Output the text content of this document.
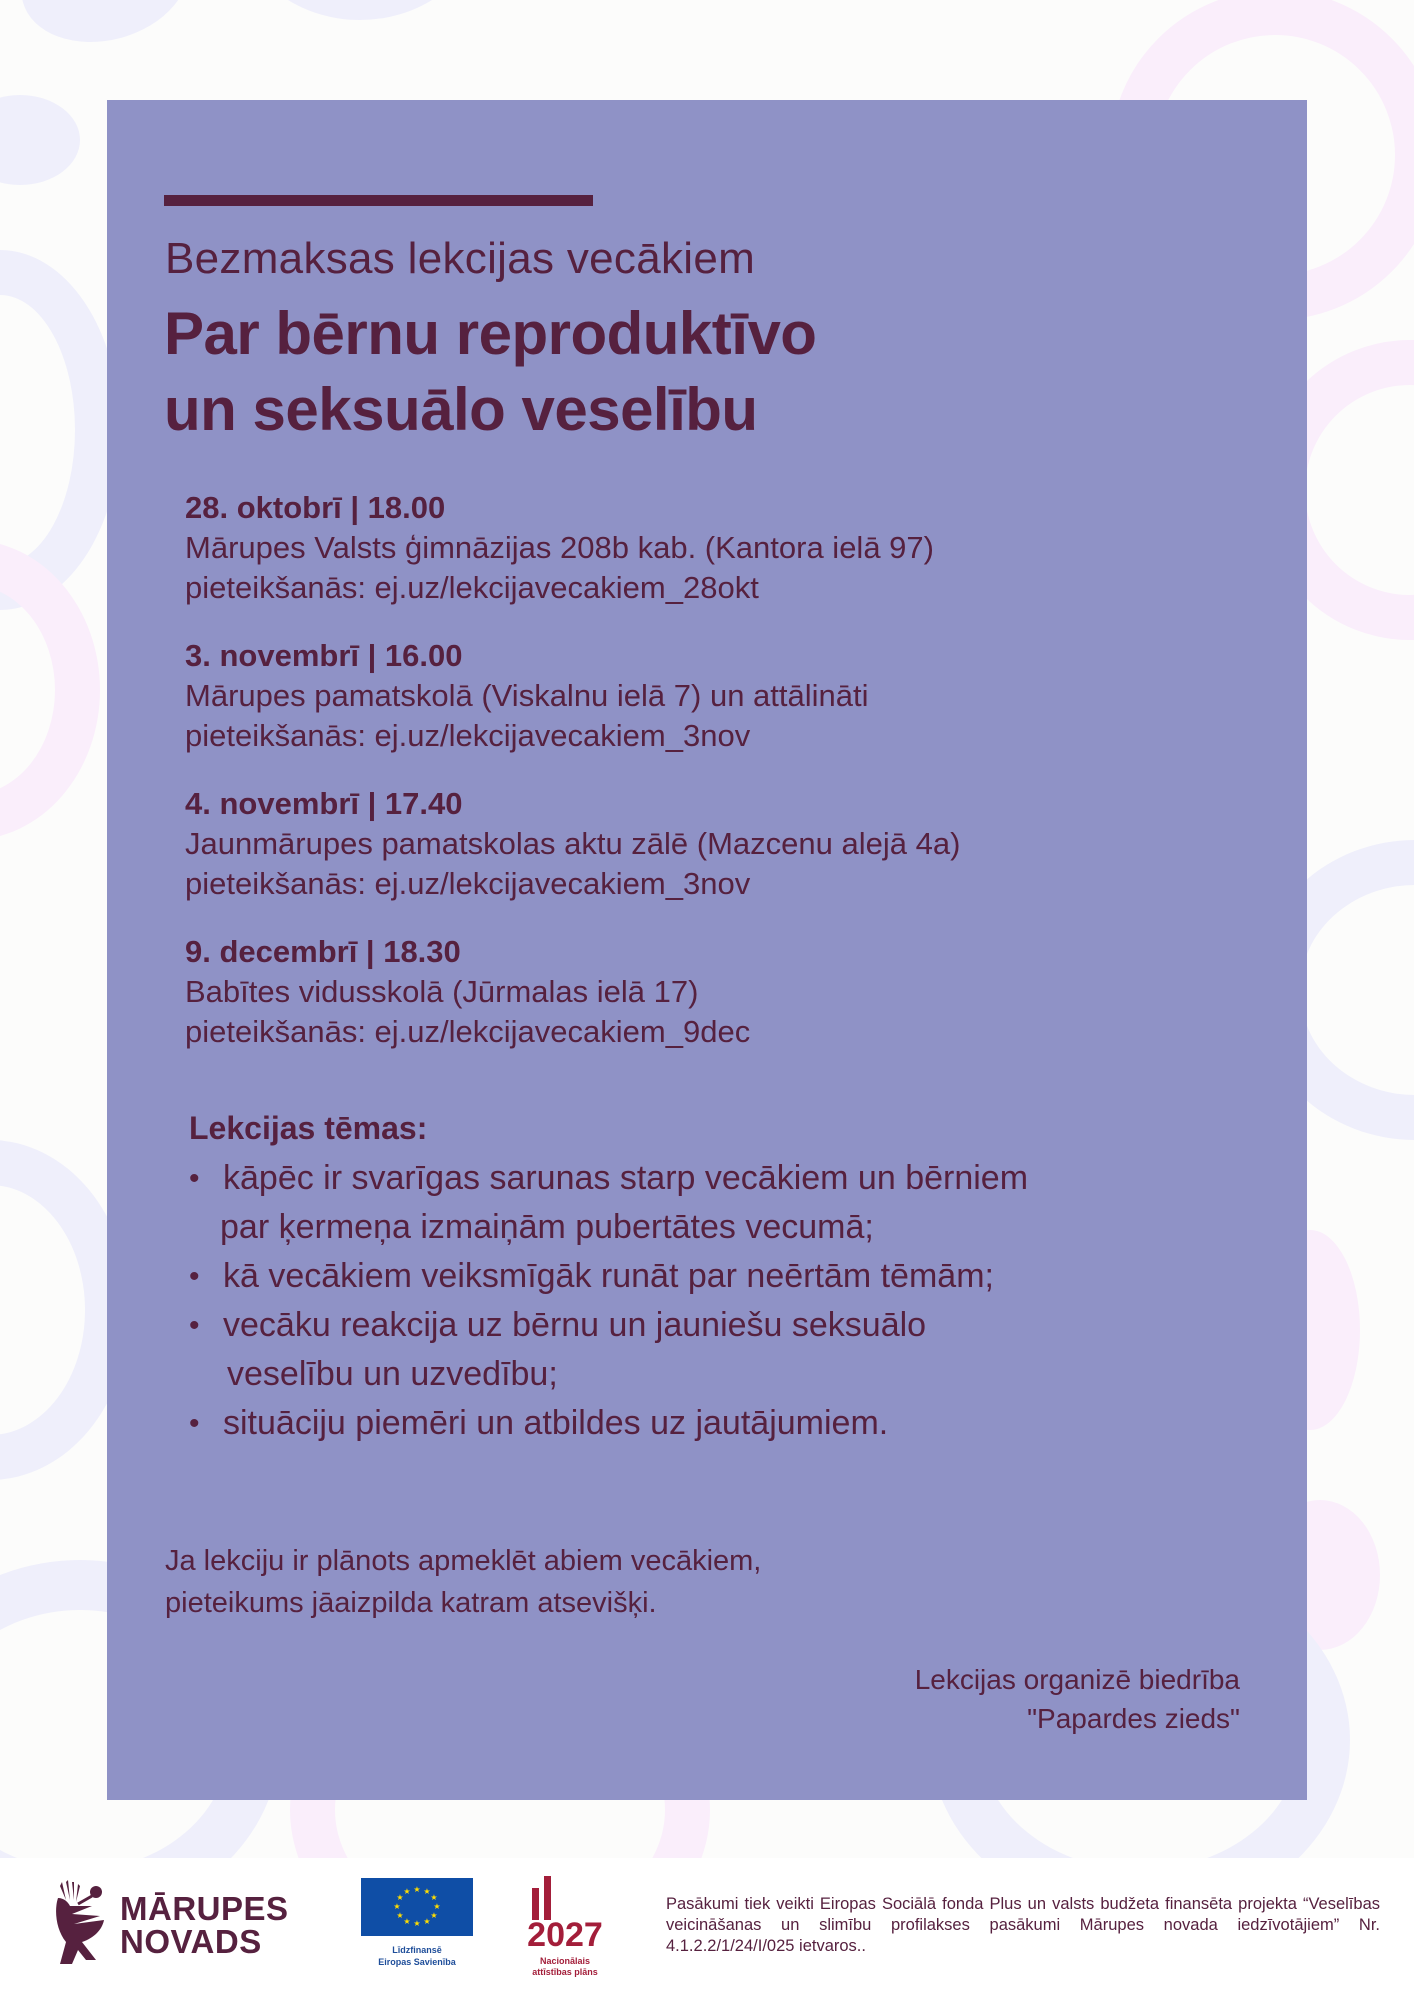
Bezmaksas lekcijas vecākiem
Par bērnu reproduktīvo
un seksuālo veselību
28. oktobrī | 18.00
Mārupes Valsts ģimnāzijas 208b kab. (Kantora ielā 97)
pieteikšanās: ej.uz/lekcijavecakiem_28okt
3. novembrī | 16.00
Mārupes pamatskolā (Viskalnu ielā 7) un attālināti
pieteikšanās: ej.uz/lekcijavecakiem_3nov
4. novembrī | 17.40
Jaunmārupes pamatskolas aktu zālē (Mazcenu alejā 4a)
pieteikšanās: ej.uz/lekcijavecakiem_3nov
9. decembrī | 18.30
Babītes vidusskolā (Jūrmalas ielā 17)
pieteikšanās: ej.uz/lekcijavecakiem_9dec
Lekcijas tēmas:
• kāpēc ir svarīgas sarunas starp vecākiem un bērniem
par ķermeņa izmaiņām pubertātes vecumā;
• kā vecākiem veiksmīgāk runāt par neērtām tēmām;
• vecāku reakcija uz bērnu un jauniešu seksuālo
veselību un uzvedību;
• situāciju piemēri un atbildes uz jautājumiem.
Ja lekciju ir plānots apmeklēt abiem vecākiem,
pieteikums jāaizpilda katram atsevišķi.
Lekcijas organizē biedrība
"Papardes zieds"
MĀRUPES
NOVADS
★ ★
★
★
★
★
★
★
★
★
★
★
Līdzfinansē
Eiropas Savienība
2027
Nacionālais
attīstības plāns
Pasākumi tiek veikti Eiropas Sociālā fonda Plus un valsts budžeta finansēta projekta “Veselības veicināšanas un slimību profilakses pasākumi Mārupes novada iedzīvotājiem” Nr. 4.1.2.2/1/24/I/025 ietvaros..
